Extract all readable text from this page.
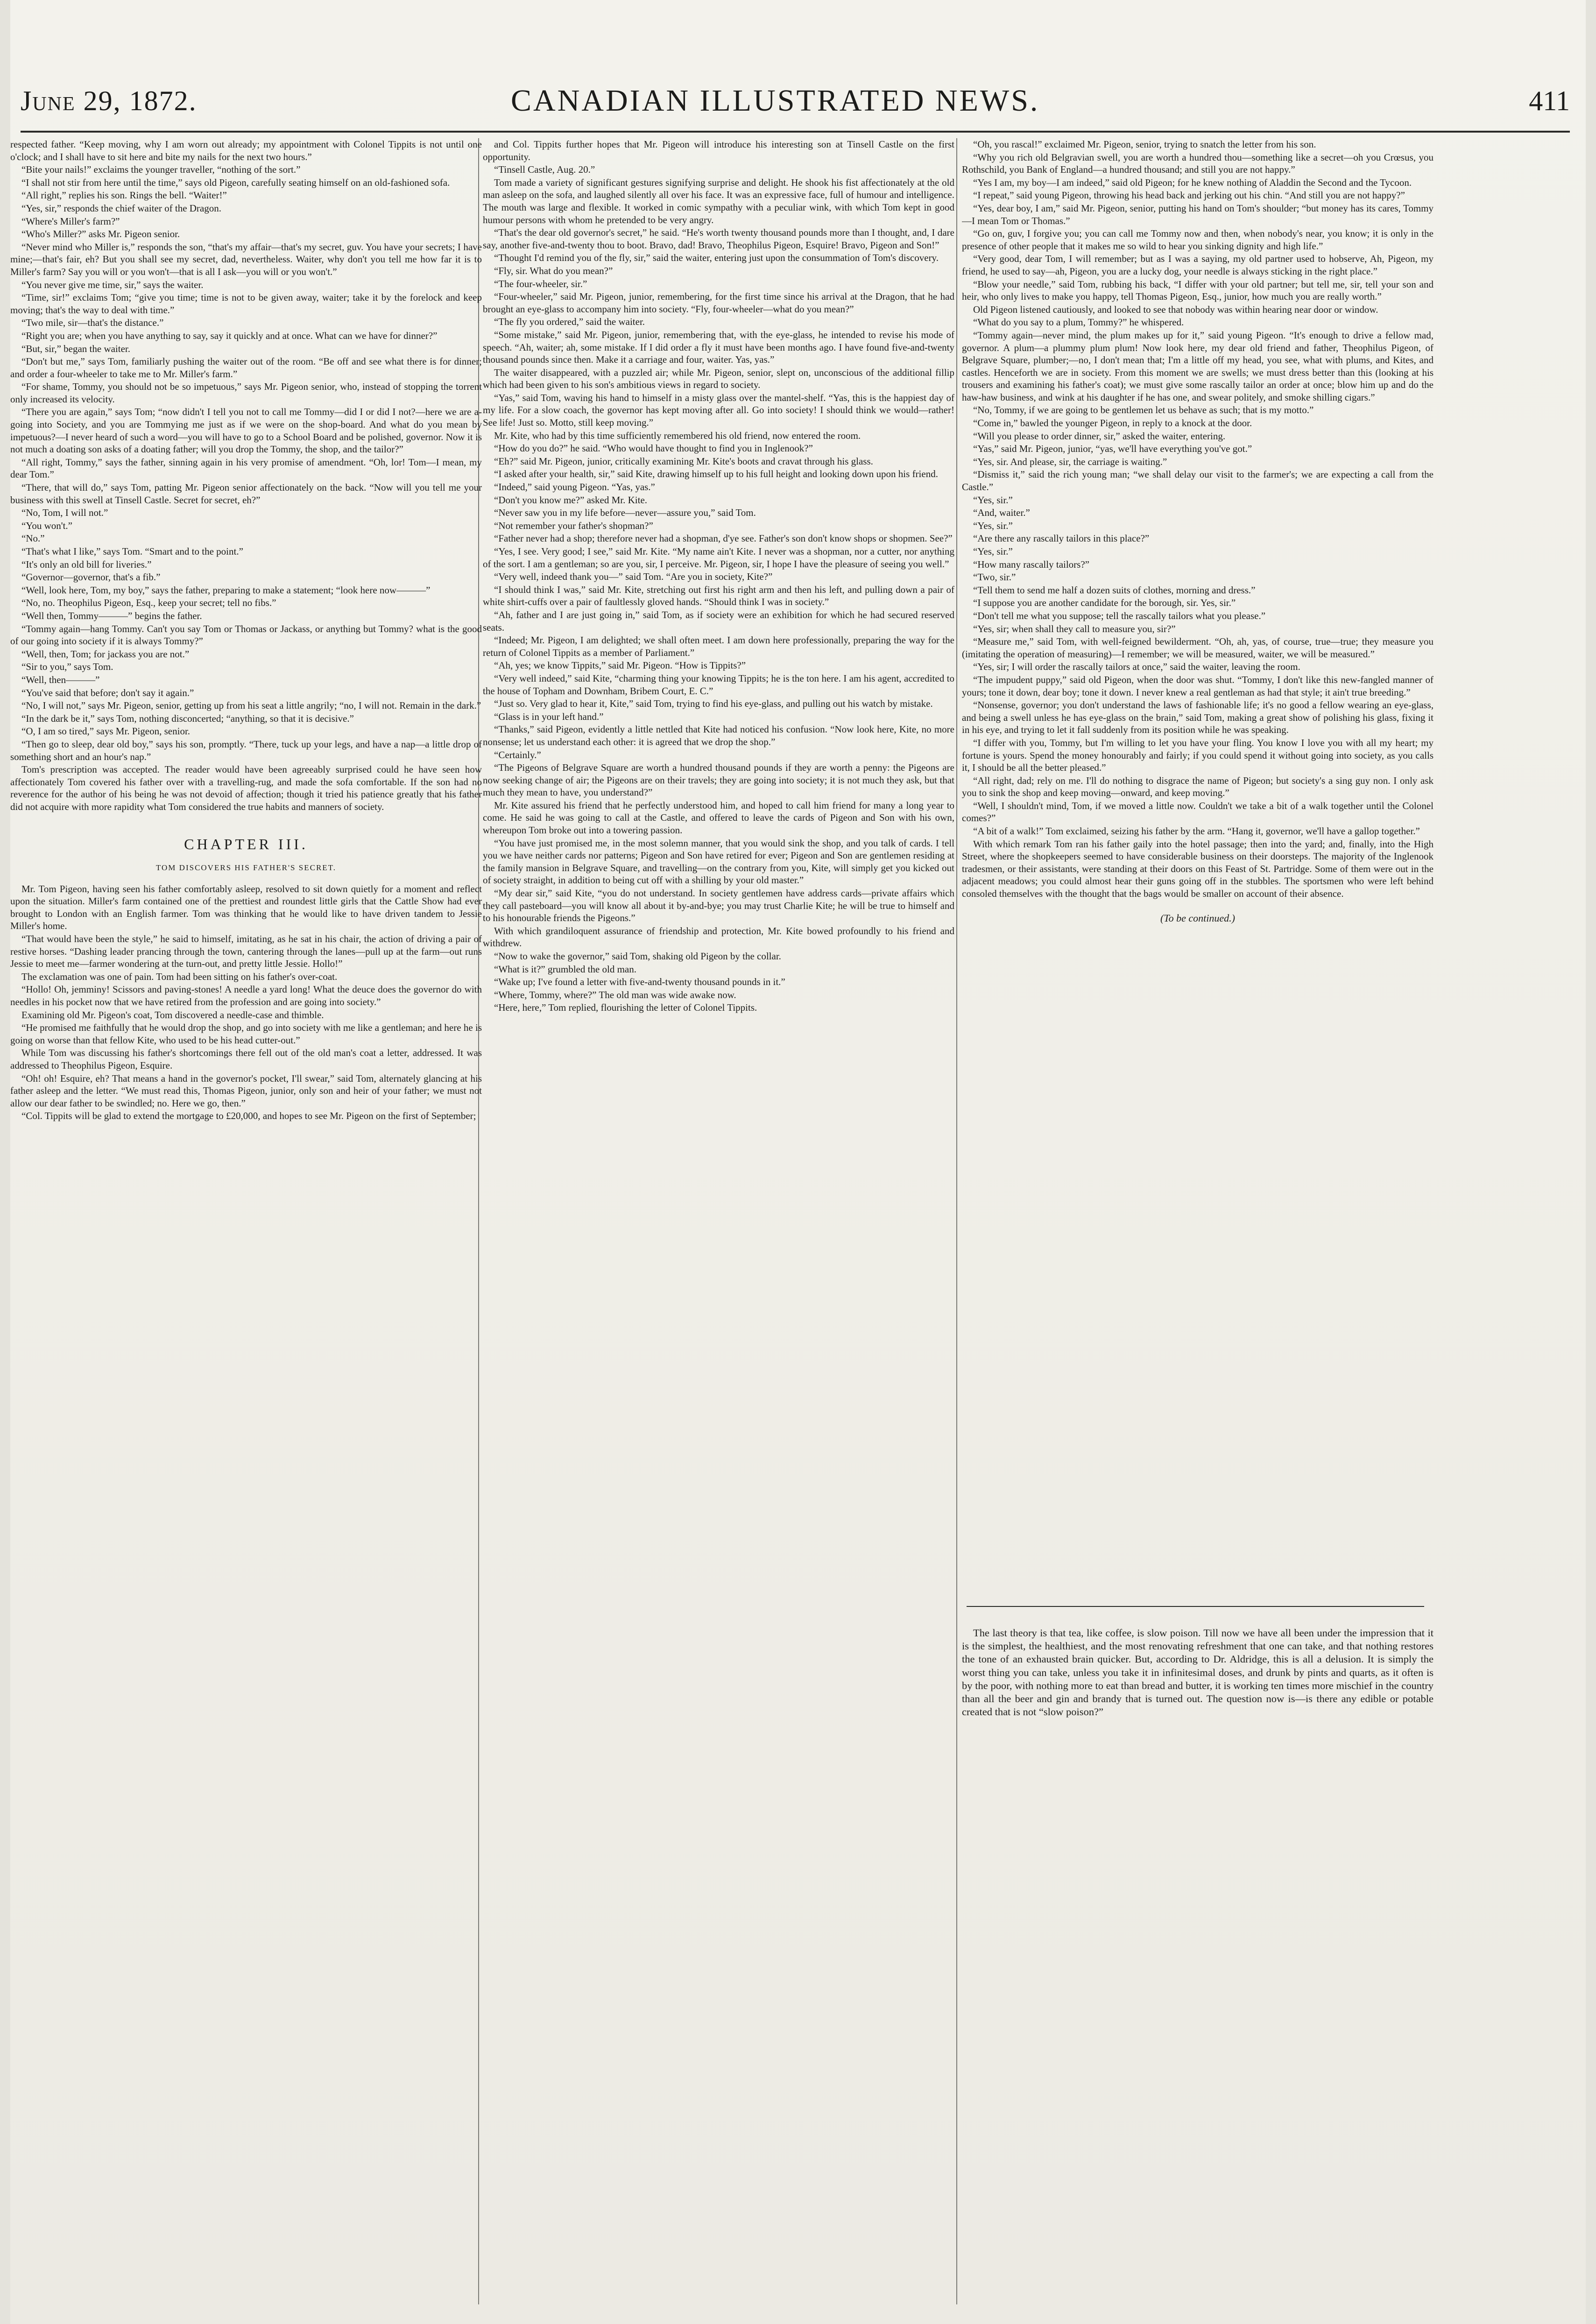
June 29, 1872.	CANADIAN ILLUSTRATED NEWS.	411

respected father. “Keep moving, why I am worn out already; my appointment with Colonel Tippits is not until one o'clock; and I shall have to sit here and bite my nails for the next two hours.”

“Bite your nails!” exclaims the younger traveller, “nothing of the sort.”

“I shall not stir from here until the time,” says old Pigeon, carefully seating himself on an old-fashioned sofa.

“All right,” replies his son. Rings the bell. “Waiter!”

“Yes, sir,” responds the chief waiter of the Dragon.

“Where's Miller's farm?”

“Who's Miller?” asks Mr. Pigeon senior.

“Never mind who Miller is,” responds the son, “that's my affair—that's my secret, guv. You have your secrets; I have mine;—that's fair, eh? But you shall see my secret, dad, nevertheless. Waiter, why don't you tell me how far it is to Miller's farm? Say you will or you won't—that is all I ask—you will or you won't.”

“You never give me time, sir,” says the waiter.

“Time, sir!” exclaims Tom; “give you time; time is not to be given away, waiter; take it by the forelock and keep moving; that's the way to deal with time.”

“Two mile, sir—that's the distance.”

“Right you are; when you have anything to say, say it quickly and at once. What can we have for dinner?”

“But, sir,” began the waiter.

“Don't but me,” says Tom, familiarly pushing the waiter out of the room. “Be off and see what there is for dinner; and order a four-wheeler to take me to Mr. Miller's farm.”

“For shame, Tommy, you should not be so impetuous,” says Mr. Pigeon senior, who, instead of stopping the torrent only increased its velocity.

“There you are again,” says Tom; “now didn't I tell you not to call me Tommy—did I or did I not?—here we are a-going into Society, and you are Tommying me just as if we were on the shop-board. And what do you mean by impetuous?—I never heard of such a word—you will have to go to a School Board and be polished, governor. Now it is not much a doating son asks of a doating father; will you drop the Tommy, the shop, and the tailor?”

“All right, Tommy,” says the father, sinning again in his very promise of amendment. “Oh, lor! Tom—I mean, my dear Tom.”

“There, that will do,” says Tom, patting Mr. Pigeon senior affectionately on the back. “Now will you tell me your business with this swell at Tinsell Castle. Secret for secret, eh?”

“No, Tom, I will not.”

“You won't.”

“No.”

“That's what I like,” says Tom. “Smart and to the point.”

“It's only an old bill for liveries.”

“Governor—governor, that's a fib.”

“Well, look here, Tom, my boy,” says the father, preparing to make a statement; “look here now———”

“No, no. Theophilus Pigeon, Esq., keep your secret; tell no fibs.”

“Well then, Tommy———” begins the father.

“Tommy again—hang Tommy. Can't you say Tom or Thomas or Jackass, or anything but Tommy? what is the good of our going into society if it is always Tommy?”

“Well, then, Tom; for jackass you are not.”

“Sir to you,” says Tom.

“Well, then———”

“You've said that before; don't say it again.”

“No, I will not,” says Mr. Pigeon, senior, getting up from his seat a little angrily; “no, I will not. Remain in the dark.”

“In the dark be it,” says Tom, nothing disconcerted; “anything, so that it is decisive.”

“O, I am so tired,” says Mr. Pigeon, senior.

“Then go to sleep, dear old boy,” says his son, promptly. “There, tuck up your legs, and have a nap—a little drop of something short and an hour's nap.”

Tom's prescription was accepted. The reader would have been agreeably surprised could he have seen how affectionately Tom covered his father over with a travelling-rug, and made the sofa comfortable. If the son had no reverence for the author of his being he was not devoid of affection; though it tried his patience greatly that his father did not acquire with more rapidity what Tom considered the true habits and manners of society.

CHAPTER III.

TOM DISCOVERS HIS FATHER'S SECRET.

Mr. Tom Pigeon, having seen his father comfortably asleep, resolved to sit down quietly for a moment and reflect upon the situation. Miller's farm contained one of the prettiest and roundest little girls that the Cattle Show had ever brought to London with an English farmer. Tom was thinking that he would like to have driven tandem to Jessie Miller's home.

“That would have been the style,” he said to himself, imitating, as he sat in his chair, the action of driving a pair of restive horses. “Dashing leader prancing through the town, cantering through the lanes—pull up at the farm—out runs Jessie to meet me—farmer wondering at the turn-out, and pretty little Jessie. Hollo!”

The exclamation was one of pain. Tom had been sitting on his father's over-coat.

“Hollo! Oh, jemminy! Scissors and paving-stones! A needle a yard long! What the deuce does the governor do with needles in his pocket now that we have retired from the profession and are going into society.”

Examining old Mr. Pigeon's coat, Tom discovered a needle-case and thimble.

“He promised me faithfully that he would drop the shop, and go into society with me like a gentleman; and here he is going on worse than that fellow Kite, who used to be his head cutter-out.”

While Tom was discussing his father's shortcomings there fell out of the old man's coat a letter, addressed. It was addressed to Theophilus Pigeon, Esquire.

“Oh! oh! Esquire, eh? That means a hand in the governor's pocket, I'll swear,” said Tom, alternately glancing at his father asleep and the letter. “We must read this, Thomas Pigeon, junior, only son and heir of your father; we must not allow our dear father to be swindled; no. Here we go, then.”

“Col. Tippits will be glad to extend the mortgage to £20,000, and hopes to see Mr. Pigeon on the first of September;

and Col. Tippits further hopes that Mr. Pigeon will introduce his interesting son at Tinsell Castle on the first opportunity.

“Tinsell Castle, Aug. 20.”

Tom made a variety of significant gestures signifying surprise and delight. He shook his fist affectionately at the old man asleep on the sofa, and laughed silently all over his face. It was an expressive face, full of humour and intelligence. The mouth was large and flexible. It worked in comic sympathy with a peculiar wink, with which Tom kept in good humour persons with whom he pretended to be very angry.

“That's the dear old governor's secret,” he said. “He's worth twenty thousand pounds more than I thought, and, I dare say, another five-and-twenty thou to boot. Bravo, dad! Bravo, Theophilus Pigeon, Esquire! Bravo, Pigeon and Son!”

“Thought I'd remind you of the fly, sir,” said the waiter, entering just upon the consummation of Tom's discovery.

“Fly, sir. What do you mean?”

“The four-wheeler, sir.”

“Four-wheeler,” said Mr. Pigeon, junior, remembering, for the first time since his arrival at the Dragon, that he had brought an eye-glass to accompany him into society. “Fly, four-wheeler—what do you mean?”

“The fly you ordered,” said the waiter.

“Some mistake,” said Mr. Pigeon, junior, remembering that, with the eye-glass, he intended to revise his mode of speech. “Ah, waiter; ah, some mistake. If I did order a fly it must have been months ago. I have found five-and-twenty thousand pounds since then. Make it a carriage and four, waiter. Yas, yas.”

The waiter disappeared, with a puzzled air; while Mr. Pigeon, senior, slept on, unconscious of the additional fillip which had been given to his son's ambitious views in regard to society.

“Yas,” said Tom, waving his hand to himself in a misty glass over the mantel-shelf. “Yas, this is the happiest day of my life. For a slow coach, the governor has kept moving after all. Go into society! I should think we would—rather! See life! Just so. Motto, still keep moving.”

Mr. Kite, who had by this time sufficiently remembered his old friend, now entered the room.

“How do you do?” he said. “Who would have thought to find you in Inglenook?”

“Eh?” said Mr. Pigeon, junior, critically examining Mr. Kite's boots and cravat through his glass.

“I asked after your health, sir,” said Kite, drawing himself up to his full height and looking down upon his friend.

“Indeed,” said young Pigeon. “Yas, yas.”

“Don't you know me?” asked Mr. Kite.

“Never saw you in my life before—never—assure you,” said Tom.

“Not remember your father's shopman?”

“Father never had a shop; therefore never had a shopman, d'ye see. Father's son don't know shops or shopmen. See?”

“Yes, I see. Very good; I see,” said Mr. Kite. “My name ain't Kite. I never was a shopman, nor a cutter, nor anything of the sort. I am a gentleman; so are you, sir, I perceive. Mr. Pigeon, sir, I hope I have the pleasure of seeing you well.”

“Very well, indeed thank you—” said Tom. “Are you in society, Kite?”

“I should think I was,” said Mr. Kite, stretching out first his right arm and then his left, and pulling down a pair of white shirt-cuffs over a pair of faultlessly gloved hands. “Should think I was in society.”

“Ah, father and I are just going in,” said Tom, as if society were an exhibition for which he had secured reserved seats.

“Indeed; Mr. Pigeon, I am delighted; we shall often meet. I am down here professionally, preparing the way for the return of Colonel Tippits as a member of Parliament.”

“Ah, yes; we know Tippits,” said Mr. Pigeon. “How is Tippits?”

“Very well indeed,” said Kite, “charming thing your knowing Tippits; he is the ton here. I am his agent, accredited to the house of Topham and Downham, Bribem Court, E. C.”

“Just so. Very glad to hear it, Kite,” said Tom, trying to find his eye-glass, and pulling out his watch by mistake.

“Glass is in your left hand.”

“Thanks,” said Pigeon, evidently a little nettled that Kite had noticed his confusion. “Now look here, Kite, no more nonsense; let us understand each other: it is agreed that we drop the shop.”

“Certainly.”

“The Pigeons of Belgrave Square are worth a hundred thousand pounds if they are worth a penny: the Pigeons are now seeking change of air; the Pigeons are on their travels; they are going into society; it is not much they ask, but that much they mean to have, you understand?”

Mr. Kite assured his friend that he perfectly understood him, and hoped to call him friend for many a long year to come. He said he was going to call at the Castle, and offered to leave the cards of Pigeon and Son with his own, whereupon Tom broke out into a towering passion.

“You have just promised me, in the most solemn manner, that you would sink the shop, and you talk of cards. I tell you we have neither cards nor patterns; Pigeon and Son have retired for ever; Pigeon and Son are gentlemen residing at the family mansion in Belgrave Square, and travelling—on the contrary from you, Kite, will simply get you kicked out of society straight, in addition to being cut off with a shilling by your old master.”

“My dear sir,” said Kite, “you do not understand. In society gentlemen have address cards—private affairs which they call pasteboard—you will know all about it by-and-bye; you may trust Charlie Kite; he will be true to himself and to his honourable friends the Pigeons.”

With which grandiloquent assurance of friendship and protection, Mr. Kite bowed profoundly to his friend and withdrew.

“Now to wake the governor,” said Tom, shaking old Pigeon by the collar.

“What is it?” grumbled the old man.

“Wake up; I've found a letter with five-and-twenty thousand pounds in it.”

“Where, Tommy, where?” The old man was wide awake now.

“Here, here,” Tom replied, flourishing the letter of Colonel Tippits.

“Oh, you rascal!” exclaimed Mr. Pigeon, senior, trying to snatch the letter from his son.

“Why you rich old Belgravian swell, you are worth a hundred thou—something like a secret—oh you Crœsus, you Rothschild, you Bank of England—a hundred thousand; and still you are not happy.”

“Yes I am, my boy—I am indeed,” said old Pigeon; for he knew nothing of Aladdin the Second and the Tycoon.

“I repeat,” said young Pigeon, throwing his head back and jerking out his chin. “And still you are not happy?”

“Yes, dear boy, I am,” said Mr. Pigeon, senior, putting his hand on Tom's shoulder; “but money has its cares, Tommy—I mean Tom or Thomas.”

“Go on, guv, I forgive you; you can call me Tommy now and then, when nobody's near, you know; it is only in the presence of other people that it makes me so wild to hear you sinking dignity and high life.”

“Very good, dear Tom, I will remember; but as I was a saying, my old partner used to hobserve, Ah, Pigeon, my friend, he used to say—ah, Pigeon, you are a lucky dog, your needle is always sticking in the right place.”

“Blow your needle,” said Tom, rubbing his back, “I differ with your old partner; but tell me, sir, tell your son and heir, who only lives to make you happy, tell Thomas Pigeon, Esq., junior, how much you are really worth.”

Old Pigeon listened cautiously, and looked to see that nobody was within hearing near door or window.

“What do you say to a plum, Tommy?” he whispered.

“Tommy again—never mind, the plum makes up for it,” said young Pigeon. “It's enough to drive a fellow mad, governor. A plum—a plummy plum plum! Now look here, my dear old friend and father, Theophilus Pigeon, of Belgrave Square, plumber;—no, I don't mean that; I'm a little off my head, you see, what with plums, and Kites, and castles. Henceforth we are in society. From this moment we are swells; we must dress better than this (looking at his trousers and examining his father's coat); we must give some rascally tailor an order at once; blow him up and do the haw-haw business, and wink at his daughter if he has one, and swear politely, and smoke shilling cigars.”

“No, Tommy, if we are going to be gentlemen let us behave as such; that is my motto.”

“Come in,” bawled the younger Pigeon, in reply to a knock at the door.

“Will you please to order dinner, sir,” asked the waiter, entering.

“Yas,” said Mr. Pigeon, junior, “yas, we'll have everything you've got.”

“Yes, sir. And please, sir, the carriage is waiting.”

“Dismiss it,” said the rich young man; “we shall delay our visit to the farmer's; we are expecting a call from the Castle.”

“Yes, sir.”

“And, waiter.”

“Yes, sir.”

“Are there any rascally tailors in this place?”

“Yes, sir.”

“How many rascally tailors?”

“Two, sir.”

“Tell them to send me half a dozen suits of clothes, morning and dress.”

“I suppose you are another candidate for the borough, sir. Yes, sir.”

“Don't tell me what you suppose; tell the rascally tailors what you please.”

“Yes, sir; when shall they call to measure you, sir?”

“Measure me,” said Tom, with well-feigned bewilderment. “Oh, ah, yas, of course, true—true; they measure you (imitating the operation of measuring)—I remember; we will be measured, waiter, we will be measured.”

“Yes, sir; I will order the rascally tailors at once,” said the waiter, leaving the room.

“The impudent puppy,” said old Pigeon, when the door was shut. “Tommy, I don't like this new-fangled manner of yours; tone it down, dear boy; tone it down. I never knew a real gentleman as had that style; it ain't true breeding.”

“Nonsense, governor; you don't understand the laws of fashionable life; it's no good a fellow wearing an eye-glass, and being a swell unless he has eye-glass on the brain,” said Tom, making a great show of polishing his glass, fixing it in his eye, and trying to let it fall suddenly from its position while he was speaking.

“I differ with you, Tommy, but I'm willing to let you have your fling. You know I love you with all my heart; my fortune is yours. Spend the money honourably and fairly; if you could spend it without going into society, as you calls it, I should be all the better pleased.”

“All right, dad; rely on me. I'll do nothing to disgrace the name of Pigeon; but society's a sing guy non. I only ask you to sink the shop and keep moving—onward, and keep moving.”

“Well, I shouldn't mind, Tom, if we moved a little now. Couldn't we take a bit of a walk together until the Colonel comes?”

“A bit of a walk!” Tom exclaimed, seizing his father by the arm. “Hang it, governor, we'll have a gallop together.”

With which remark Tom ran his father gaily into the hotel passage; then into the yard; and, finally, into the High Street, where the shopkeepers seemed to have considerable business on their doorsteps. The majority of the Inglenook tradesmen, or their assistants, were standing at their doors on this Feast of St. Partridge. Some of them were out in the adjacent meadows; you could almost hear their guns going off in the stubbles. The sportsmen who were left behind consoled themselves with the thought that the bags would be smaller on account of their absence.

(To be continued.)

The last theory is that tea, like coffee, is slow poison. Till now we have all been under the impression that it is the simplest, the healthiest, and the most renovating refreshment that one can take, and that nothing restores the tone of an exhausted brain quicker. But, according to Dr. Aldridge, this is all a delusion. It is simply the worst thing you can take, unless you take it in infinitesimal doses, and drunk by pints and quarts, as it often is by the poor, with nothing more to eat than bread and butter, it is working ten times more mischief in the country than all the beer and gin and brandy that is turned out. The question now is—is there any edible or potable created that is not “slow poison?”
